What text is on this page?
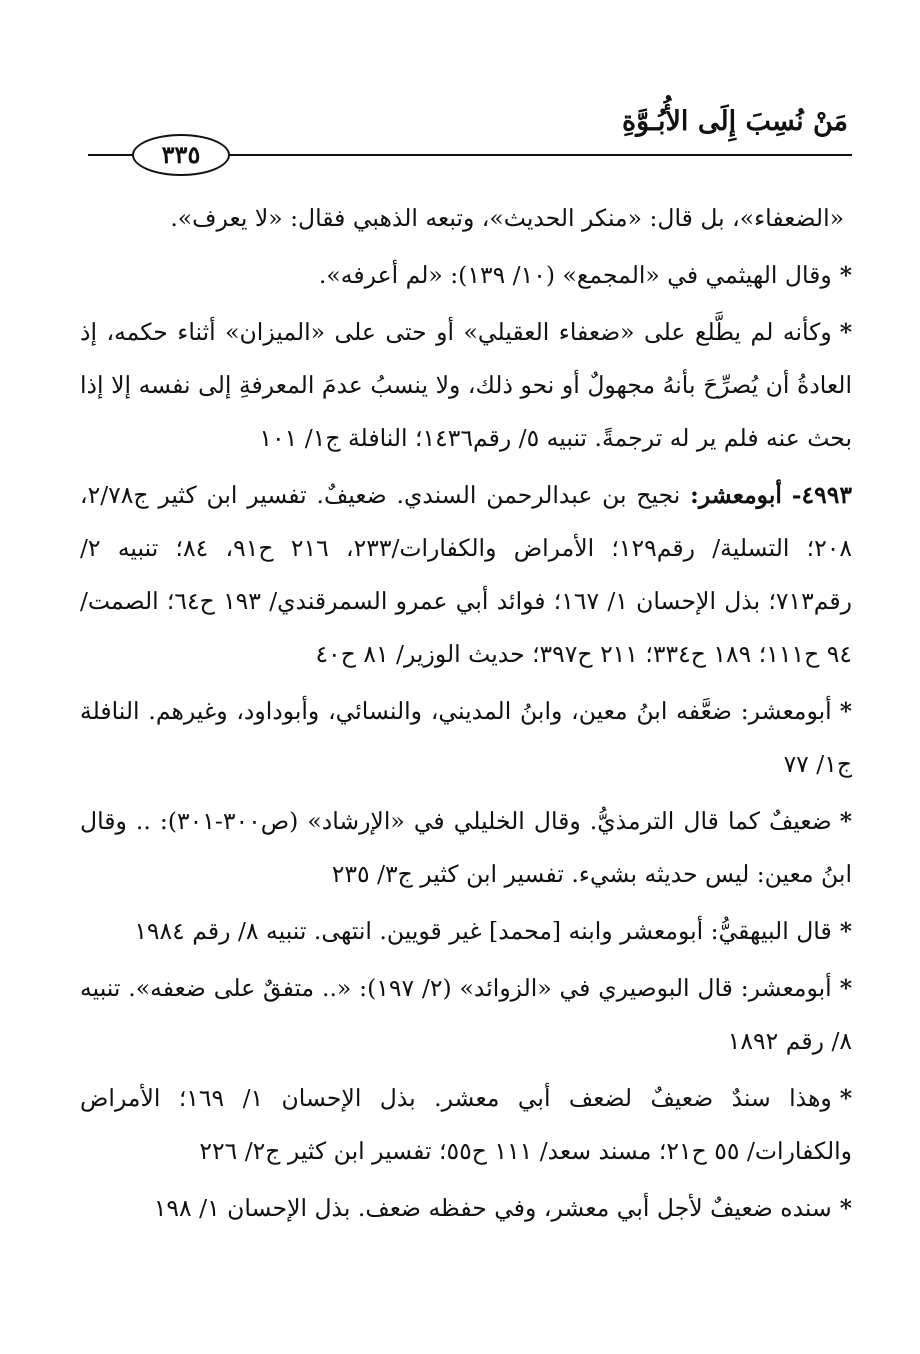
مَنْ نُسِبَ إِلَى الأُبُـوَّةِ
٣٣٥

«الضعفاء»، بل قال: «منكر الحديث»، وتبعه الذهبي فقال: «لا يعرف».

*وقال الهيثمي في «المجمع» (١٠/ ١٣٩): «لم أعرفه».

*وكأنه لم يطَّلع على «ضعفاء العقيلي» أو حتى على «الميزان» أثناء حكمه، إذ العادةُ أن يُصرِّحَ بأنهُ مجهولٌ أو نحو ذلك، ولا ينسبُ عدمَ المعرفةِ إلى نفسه إلا إذا بحث عنه فلم ير له ترجمةً. تنبيه ٥/ رقم١٤٣٦؛ النافلة ج١/ ١٠١

٤٩٩٣- أبومعشر: نجيح بن عبدالرحمن السندي. ضعيفٌ. تفسير ابن كثير ج٢/٧٨، ٢٠٨؛ التسلية/ رقم١٢٩؛ الأمراض والكفارات/٢٣٣، ٢١٦ ح٩١، ٨٤؛ تنبيه ٢/ رقم٧١٣؛ بذل الإحسان ١/ ١٦٧؛ فوائد أبي عمرو السمرقندي/ ١٩٣ ح٦٤؛ الصمت/ ٩٤ ح١١١؛ ١٨٩ ح٣٣٤؛ ٢١١ ح٣٩٧؛ حديث الوزير/ ٨١ ح٤٠

*أبومعشر: ضعَّفه ابنُ معين، وابنُ المديني، والنسائي، وأبوداود، وغيرهم. النافلة ج١/ ٧٧

*ضعيفٌ كما قال الترمذيُّ. وقال الخليلي في «الإرشاد» (ص٣٠٠-٣٠١): .. وقال ابنُ معين: ليس حديثه بشيء. تفسير ابن كثير ج٣/ ٢٣٥

*قال البيهقيُّ: أبومعشر وابنه [محمد] غير قويين. انتهى. تنبيه ٨/ رقم ١٩٨٤

*أبومعشر: قال البوصيري في «الزوائد» (٢/ ١٩٧): «.. متفقٌ على ضعفه». تنبيه ٨/ رقم ١٨٩٢

*وهذا سندٌ ضعيفٌ لضعف أبي معشر. بذل الإحسان ١/ ١٦٩؛ الأمراض والكفارات/ ٥٥ ح٢١؛ مسند سعد/ ١١١ ح٥٥؛ تفسير ابن كثير ج٢/ ٢٢٦

*سنده ضعيفٌ لأجل أبي معشر، وفي حفظه ضعف. بذل الإحسان ١/ ١٩٨
